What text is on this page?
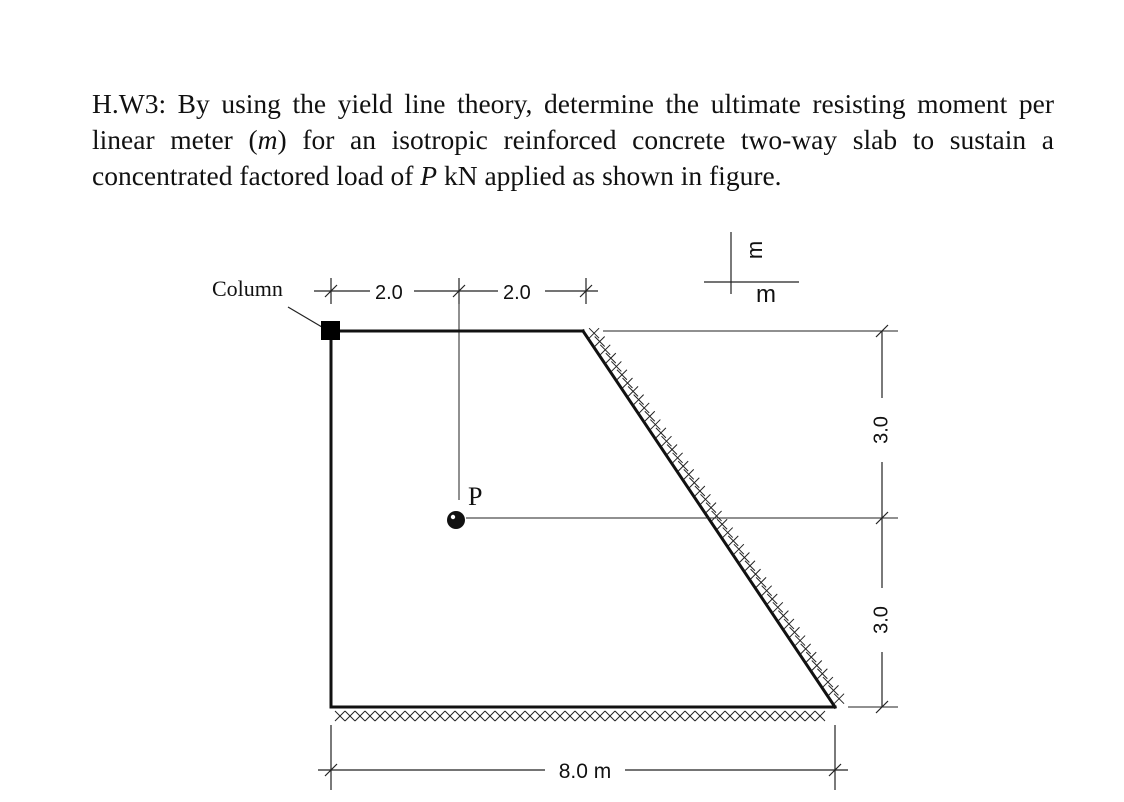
H.W3: By using the yield line theory, determine the ultimate resisting moment per linear meter (m) for an isotropic reinforced concrete two-way slab to sustain a concentrated factored load of P kN applied as shown in figure.

Column	2.0	2.0
m
m
3.0
3.0
P
8.0 m
